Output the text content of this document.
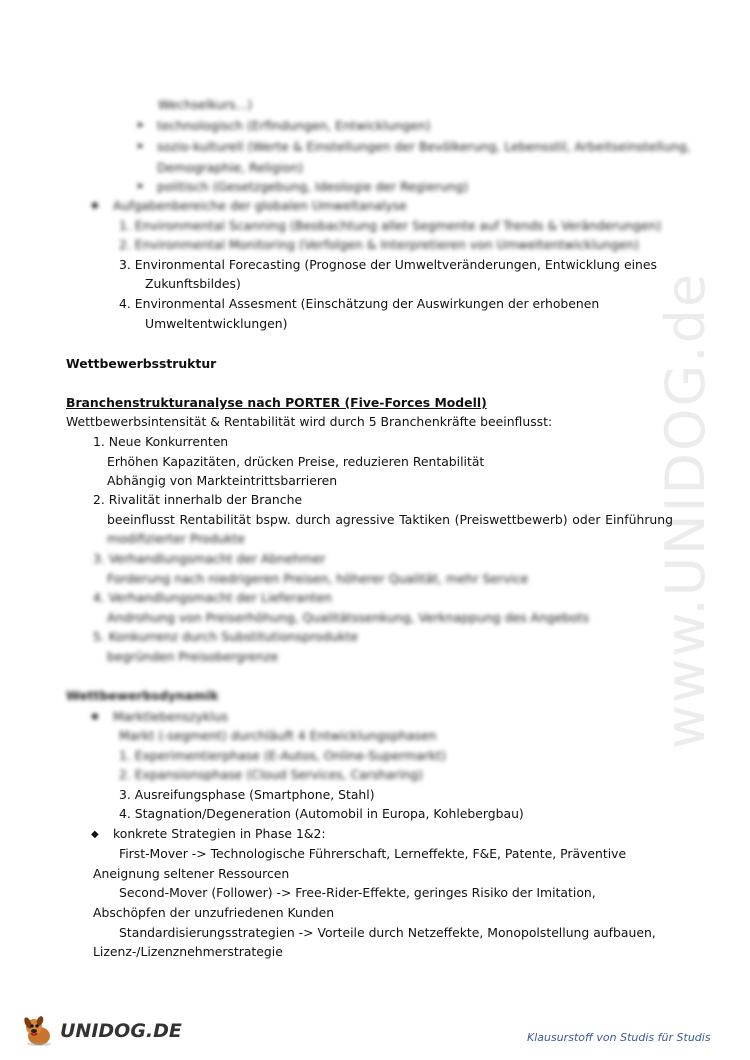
www.UNIDOG.de
Wechselkurs...)
➤ technologisch (Erfindungen, Entwicklungen)
➤ sozio-kulturell (Werte & Einstellungen der Bevölkerung, Lebensstil, Arbeitseinstellung,
Demographie, Religion)
➤ politisch (Gesetzgebung, Ideologie der Regierung)
◆ Aufgabenbereiche der globalen Umweltanalyse
1. Environmental Scanning (Beobachtung aller Segmente auf Trends & Veränderungen)
2. Environmental Monitoring (Verfolgen & Interpretieren von Umweltentwicklungen)
3. Environmental Forecasting (Prognose der Umweltveränderungen, Entwicklung eines
Zukunftsbildes)
4. Environmental Assesment (Einschätzung der Auswirkungen der erhobenen
Umweltentwicklungen)
Wettbewerbsstruktur
Branchenstrukturanalyse nach PORTER (Five-Forces Modell)
Wettbewerbsintensität & Rentabilität wird durch 5 Branchenkräfte beeinflusst:
1. Neue Konkurrenten
Erhöhen Kapazitäten, drücken Preise, reduzieren Rentabilität
Abhängig von Markteintrittsbarrieren
2. Rivalität innerhalb der Branche
beeinflusst Rentabilität bspw. durch agressive Taktiken (Preiswettbewerb) oder Einführung
modifizierter Produkte
3. Verhandlungsmacht der Abnehmer
Forderung nach niedrigeren Preisen, höherer Qualität, mehr Service
4. Verhandlungsmacht der Lieferanten
Androhung von Preiserhöhung, Qualitätssenkung, Verknappung des Angebots
5. Konkurrenz durch Substitutionsprodukte
begründen Preisobergrenze
Wettbewerbsdynamik
◆ Marktlebenszyklus
Markt (-segment) durchläuft 4 Entwicklungsphasen
1. Experimentierphase (E-Autos, Online-Supermarkt)
2. Expansionsphase (Cloud Services, Carsharing)
3. Ausreifungsphase (Smartphone, Stahl)
4. Stagnation/Degeneration (Automobil in Europa, Kohlebergbau)
◆ konkrete Strategien in Phase 1&2:
First-Mover -> Technologische Führerschaft, Lerneffekte, F&E, Patente, Präventive
Aneignung seltener Ressourcen
Second-Mover (Follower) -> Free-Rider-Effekte, geringes Risiko der Imitation,
Abschöpfen der unzufriedenen Kunden
Standardisierungsstrategien -> Vorteile durch Netzeffekte, Monopolstellung aufbauen,
Lizenz-/Lizenznehmerstrategie
UNIDOG.DE	Klausurstoff von Studis für Studis
